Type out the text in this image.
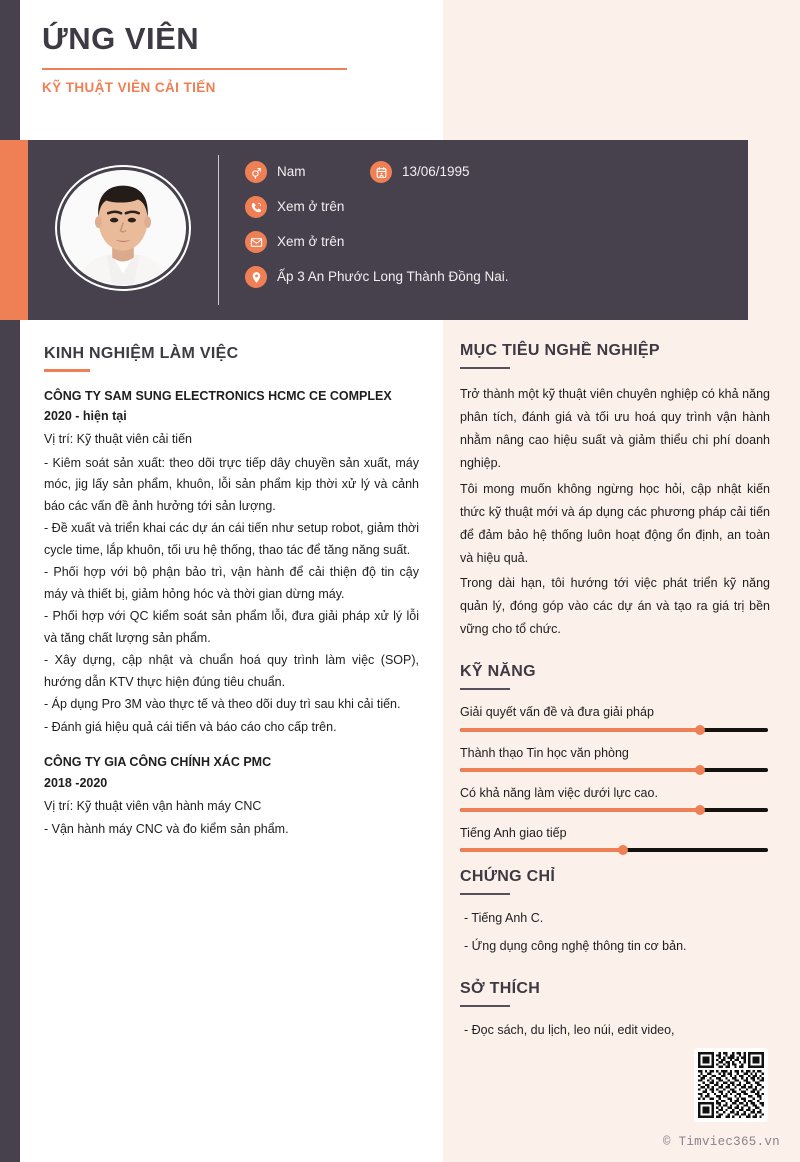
ỨNG VIÊN

KỸ THUẬT VIÊN CẢI TIẾN

Nam	13/06/1995
Xem ở trên
Xem ở trên
Ấp 3 An Phước Long Thành Đồng Nai.
KINH NGHIỆM LÀM VIỆC

CÔNG TY SAM SUNG ELECTRONICS HCMC CE COMPLEX

2020 - hiện tại

Vị trí: Kỹ thuật viên cải tiến

- Kiêm soát sản xuất: theo dõi trực tiếp dây chuyền sản xuất, máy móc, jig lấy sản phẩm, khuôn, lỗi sản phẩm kịp thời xử lý và cảnh báo các vấn đề ảnh hưởng tới sản lượng.

- Đề xuất và triển khai các dự án cái tiến như setup robot, giảm thời cycle time, lắp khuôn, tối ưu hệ thống, thao tác để tăng năng suất.

- Phối hợp với bộ phận bảo trì, vận hành để cải thiện độ tin cậy máy và thiết bị, giảm hỏng hóc và thời gian dừng máy.

- Phối hợp với QC kiểm soát sản phẩm lỗi, đưa giải pháp xử lý lỗi và tăng chất lượng sản phẩm.

- Xây dựng, cập nhật và chuẩn hoá quy trình làm việc (SOP), hướng dẫn KTV thực hiện đúng tiêu chuẩn.

- Áp dụng Pro 3M vào thực tế và theo dõi duy trì sau khi cải tiến.

- Đánh giá hiệu quả cái tiến và báo cáo cho cấp trên.

CÔNG TY GIA CÔNG CHÍNH XÁC PMC

2018 -2020

Vị trí: Kỹ thuật viên vận hành máy CNC

- Vận hành máy CNC và đo kiểm sản phẩm.

MỤC TIÊU NGHỀ NGHIỆP

Trở thành một kỹ thuật viên chuyên nghiệp có khả năng phân tích, đánh giá và tối ưu hoá quy trình vận hành nhằm nâng cao hiệu suất và giảm thiểu chi phí doanh nghiệp.

Tôi mong muốn không ngừng học hỏi, cập nhật kiến thức kỹ thuật mới và áp dụng các phương pháp cải tiến để đảm bảo hệ thống luôn hoạt động ổn định, an toàn và hiệu quả.

Trong dài hạn, tôi hướng tới việc phát triển kỹ năng quản lý, đóng góp vào các dự án và tạo ra giá trị bền vững cho tổ chức.

KỸ NĂNG

Giải quyết vấn đề và đưa giải pháp

Thành thạo Tin học văn phòng

Có khả năng làm việc dưới lực cao.

Tiếng Anh giao tiếp

CHỨNG CHỈ

- Tiếng Anh C.

- Ứng dụng công nghệ thông tin cơ bản.

SỞ THÍCH

- Đọc sách, du lịch, leo núi, edit video,

© Timviec365.vn
